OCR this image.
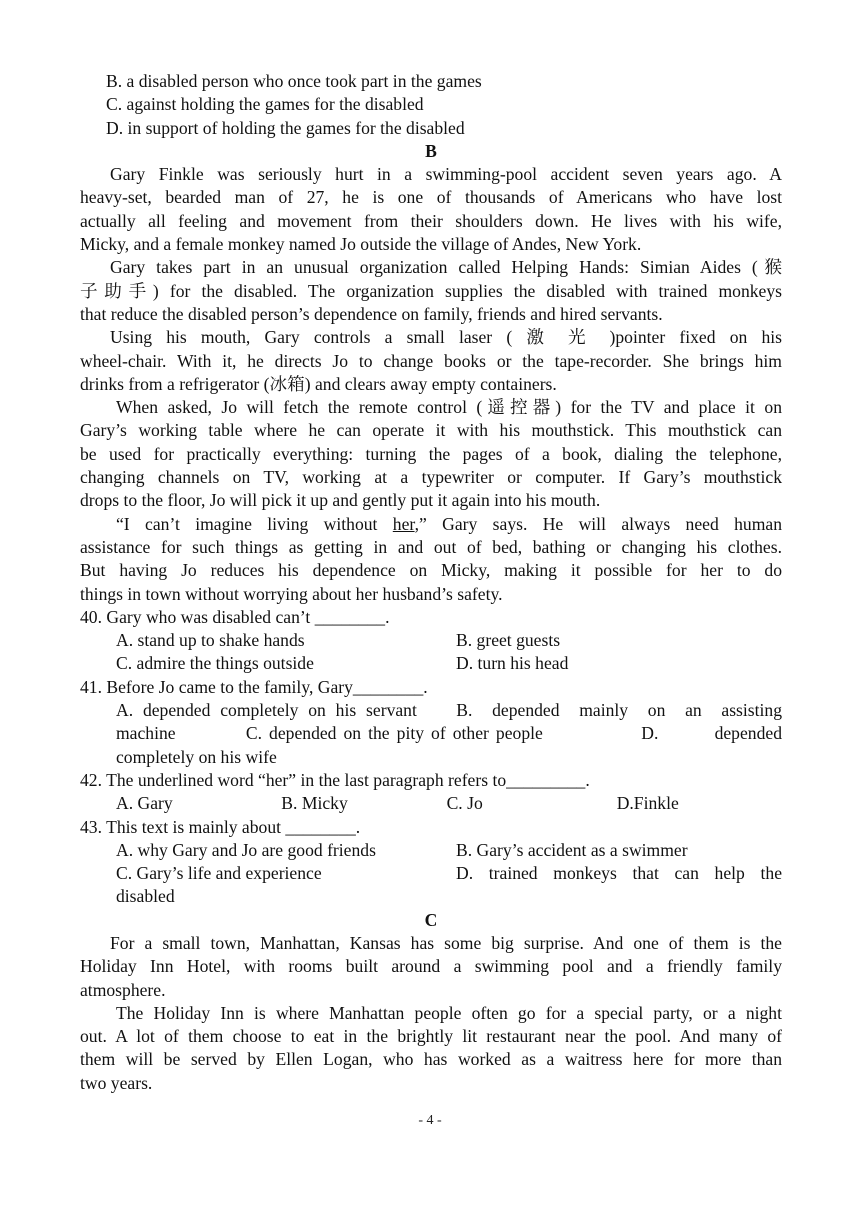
B. a disabled person who once took part in the games
C. against holding the games for the disabled
D. in support of holding the games for the disabled
B
Gary Finkle was seriously hurt in a swimming-pool accident seven years ago. A
heavy-set, bearded man of 27, he is one of thousands of Americans who have lost
actually all feeling and movement from their shoulders down. He lives with his wife,
Micky, and a female monkey named Jo outside the village of Andes, New York.
Gary takes part in an unusual organization called Helping Hands: Simian Aides (猴
子助手) for the disabled. The organization supplies the disabled with trained monkeys
that reduce the disabled person’s dependence on family, friends and hired servants.
Using his mouth, Gary controls a small laser ( 激 光 )pointer fixed on his
wheel-chair. With it, he directs Jo to change books or the tape-recorder. She brings him
drinks from a refrigerator (冰箱) and clears away empty containers.
When asked, Jo will fetch the remote control (遥控器) for the TV and place it on
Gary’s working table where he can operate it with his mouthstick. This mouthstick can
be used for practically everything: turning the pages of a book, dialing the telephone,
changing channels on TV, working at a typewriter or computer. If Gary’s mouthstick
drops to the floor, Jo will pick it up and gently put it again into his mouth.
“I can’t imagine living without her,” Gary says. He will always need human
assistance for such things as getting in and out of bed, bathing or changing his clothes.
But having Jo reduces his dependence on Micky, making it possible for her to do
things in town without worrying about her husband’s safety.
40. Gary who was disabled can’t ________.
A. stand up to shake hands	B. greet guests
C. admire the things outside	D. turn his head
41. Before Jo came to the family, Gary________.
A. depended completely on his servant    B.  depended  mainly  on  an  assisting
machine          C. depended on the pity of other people              D.        depended
completely on his wife
42. The underlined word “her” in the last paragraph refers to_________.
A. Gary	B. Micky	C. Jo	D.Finkle
43. This text is mainly about ________.
A. why Gary and Jo are good friends	B. Gary’s accident as a swimmer
C. Gary’s life and experience	D.  trained  monkeys  that  can  help  the
disabled
C
For a small town, Manhattan, Kansas has some big surprise. And one of them is the
Holiday Inn Hotel, with rooms built around a swimming pool and a friendly family
atmosphere.
The Holiday Inn is where Manhattan people often go for a special party, or a night
out. A lot of them choose to eat in the brightly lit restaurant near the pool. And many of
them will be served by Ellen Logan, who has worked as a waitress here for more than
two years.
- 4 -
